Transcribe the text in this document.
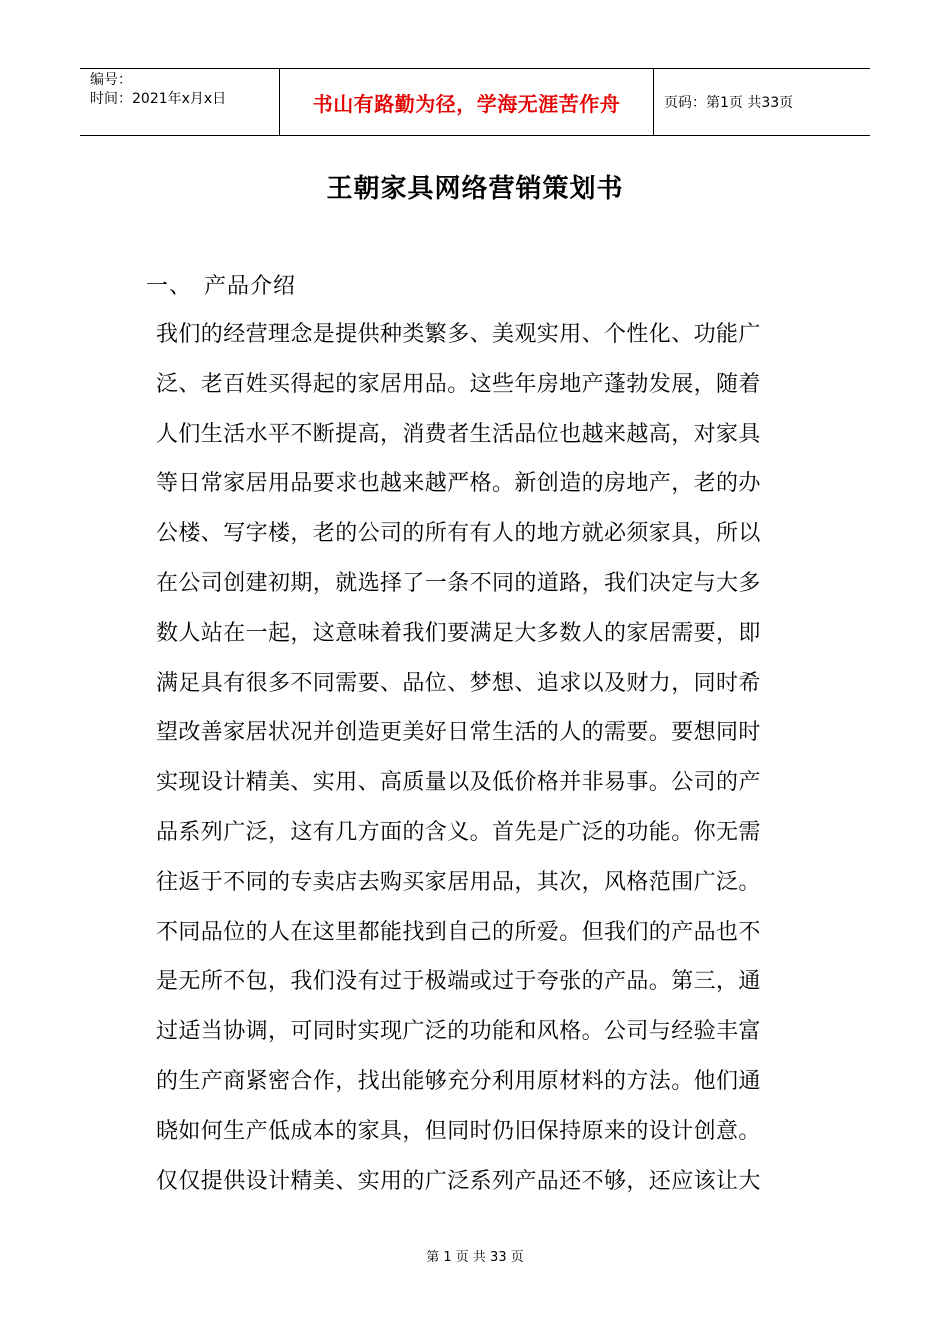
编号：
时间：2021年x月x日	书山有路勤为径，学海无涯苦作舟	页码：第1页 共33页
王朝家具网络营销策划书
一、 产品介绍
我们的经营理念是提供种类繁多、美观实用、个性化、功能广
泛、老百姓买得起的家居用品。这些年房地产蓬勃发展，随着
人们生活水平不断提高，消费者生活品位也越来越高，对家具
等日常家居用品要求也越来越严格。新创造的房地产，老的办
公楼、写字楼，老的公司的所有有人的地方就必须家具，所以
在公司创建初期，就选择了一条不同的道路，我们决定与大多
数人站在一起，这意味着我们要满足大多数人的家居需要，即
满足具有很多不同需要、品位、梦想、追求以及财力，同时希
望改善家居状况并创造更美好日常生活的人的需要。要想同时
实现设计精美、实用、高质量以及低价格并非易事。公司的产
品系列广泛，这有几方面的含义。首先是广泛的功能。你无需
往返于不同的专卖店去购买家居用品，其次，风格范围广泛。
不同品位的人在这里都能找到自己的所爱。但我们的产品也不
是无所不包，我们没有过于极端或过于夸张的产品。第三，通
过适当协调，可同时实现广泛的功能和风格。公司与经验丰富
的生产商紧密合作，找出能够充分利用原材料的方法。他们通
晓如何生产低成本的家具，但同时仍旧保持原来的设计创意。
仅仅提供设计精美、实用的广泛系列产品还不够，还应该让大
第 1 页 共 33 页
